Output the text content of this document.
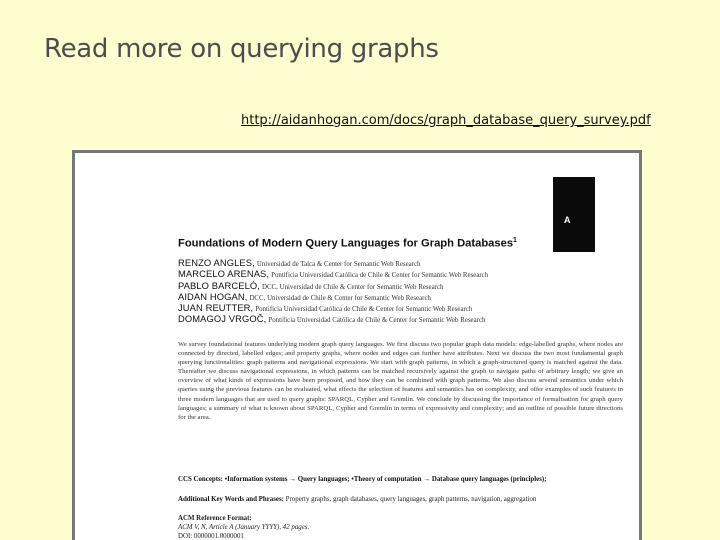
Read more on querying graphs
http://aidanhogan.com/docs/graph_database_query_survey.pdf
A
Foundations of Modern Query Languages for Graph Databases$^1$
RENZO ANGLES, Universidad de Talca & Center for Semantic Web Research
MARCELO ARENAS, Pontificia Universidad Católica de Chile & Center for Semantic Web Research
PABLO BARCELÓ, DCC, Universidad de Chile & Center for Semantic Web Research
AIDAN HOGAN, DCC, Universidad de Chile & Center for Semantic Web Research
JUAN REUTTER, Pontificia Universidad Católica de Chile & Center for Semantic Web Research
DOMAGOJ VRGOČ, Pontificia Universidad Católica de Chile & Center for Semantic Web Research
We survey foundational features underlying modern graph query languages. We first discuss two popular graph data models: edge-labelled graphs, where nodes are connected by directed, labelled edges; and property graphs, where nodes and edges can further have attributes. Next we discuss the two most fundamental graph querying functionalities: graph patterns and navigational expressions. We start with graph patterns, in which a graph-structured query is matched against the data. Thereafter we discuss navigational expressions, in which patterns can be matched recursively against the graph to navigate paths of arbitrary length; we give an overview of what kinds of expressions have been proposed, and how they can be combined with graph patterns. We also discuss several semantics under which queries using the previous features can be evaluated, what effects the selection of features and semantics has on complexity, and offer examples of such features in three modern languages that are used to query graphs: SPARQL, Cypher and Gremlin. We conclude by discussing the importance of formalisation for graph query languages; a summary of what is known about SPARQL, Cypher and Gremlin in terms of expressivity and complexity; and an outline of possible future directions for the area.
CCS Concepts: •Information systems → Query languages; •Theory of computation → Database query languages (principles);
Additional Key Words and Phrases: Property graphs, graph databases, query languages, graph patterns, navigation, aggregation
ACM Reference Format:
ACM V, N, Article A (January YYYY), 42 pages.
DOI: 0000001.0000001
